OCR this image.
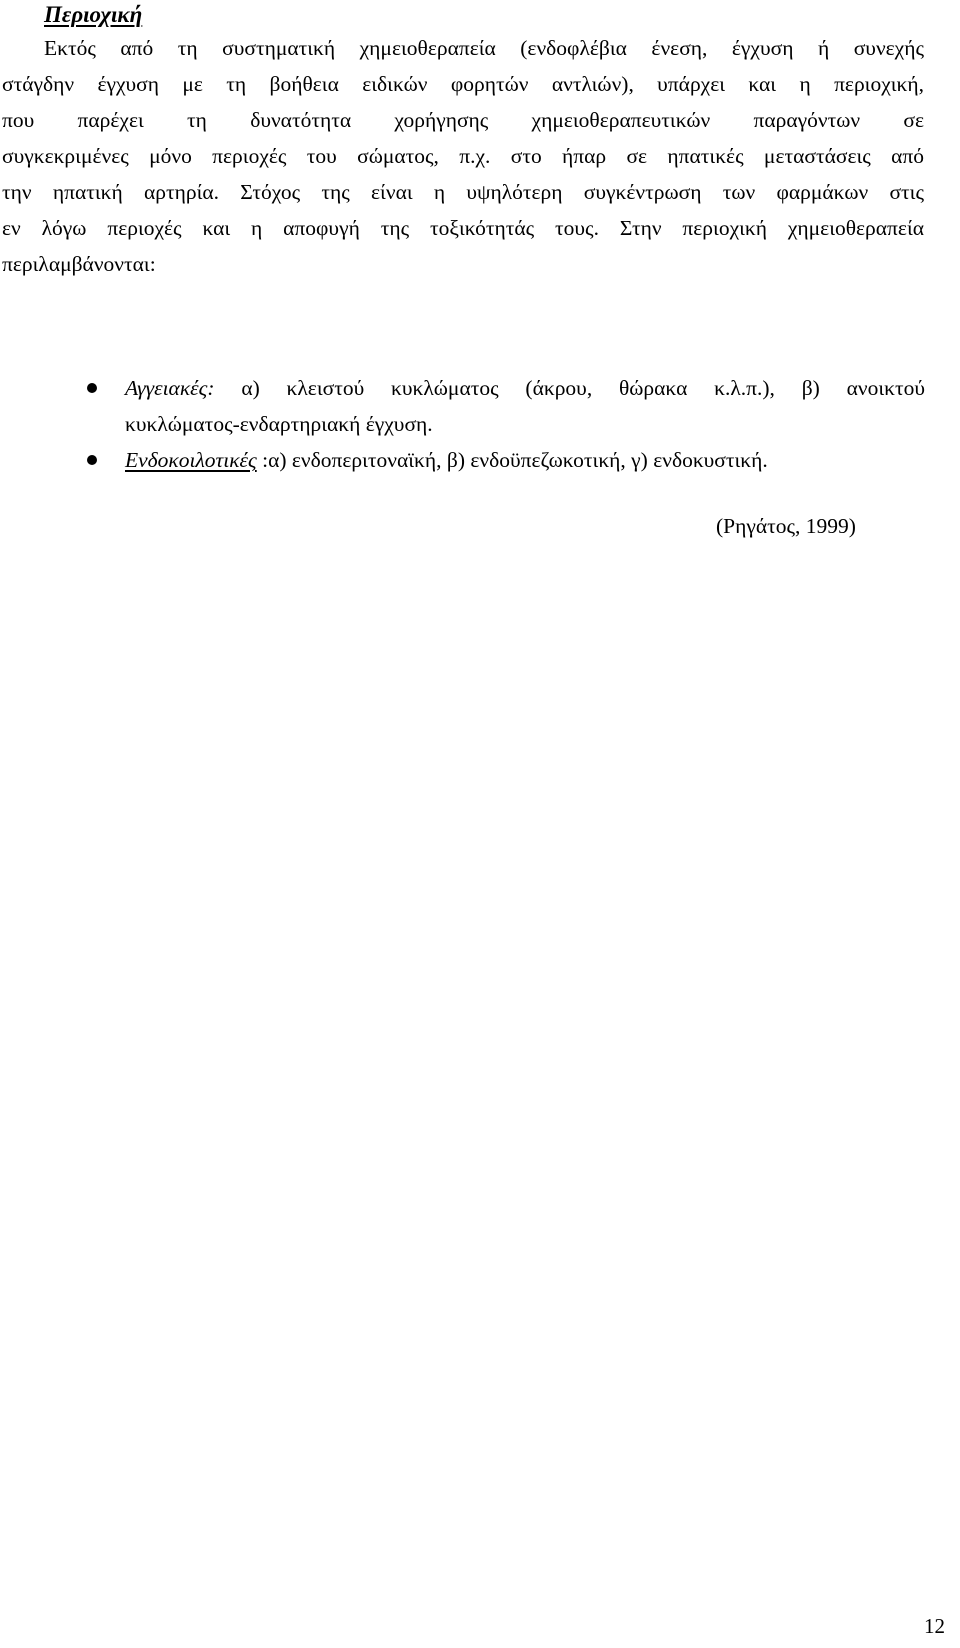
Περιοχική
Εκτός από τη συστηματική χημειοθεραπεία (ενδοφλέβια ένεση, έγχυση ή συνεχής
στάγδην έγχυση με τη βοήθεια ειδικών φορητών αντλιών), υπάρχει και η περιοχική,
που παρέχει τη δυνατότητα χορήγησης χημειοθεραπευτικών παραγόντων σε
συγκεκριμένες μόνο περιοχές του σώματος, π.χ. στο ήπαρ σε ηπατικές μεταστάσεις από
την ηπατική αρτηρία. Στόχος της είναι η υψηλότερη συγκέντρωση των φαρμάκων στις
εν λόγω περιοχές και η αποφυγή της τοξικότητάς τους. Στην περιοχική χημειοθεραπεία
περιλαμβάνονται:
Αγγειακές: α) κλειστού κυκλώματος (άκρου, θώρακα κ.λ.π.), β) ανοικτού
κυκλώματος-ενδαρτηριακή έγχυση.
Ενδοκοιλοτικές :α) ενδοπεριτοναϊκή, β) ενδοϋπεζωκοτική, γ) ενδοκυστική.
(Ρηγάτος, 1999)
12
